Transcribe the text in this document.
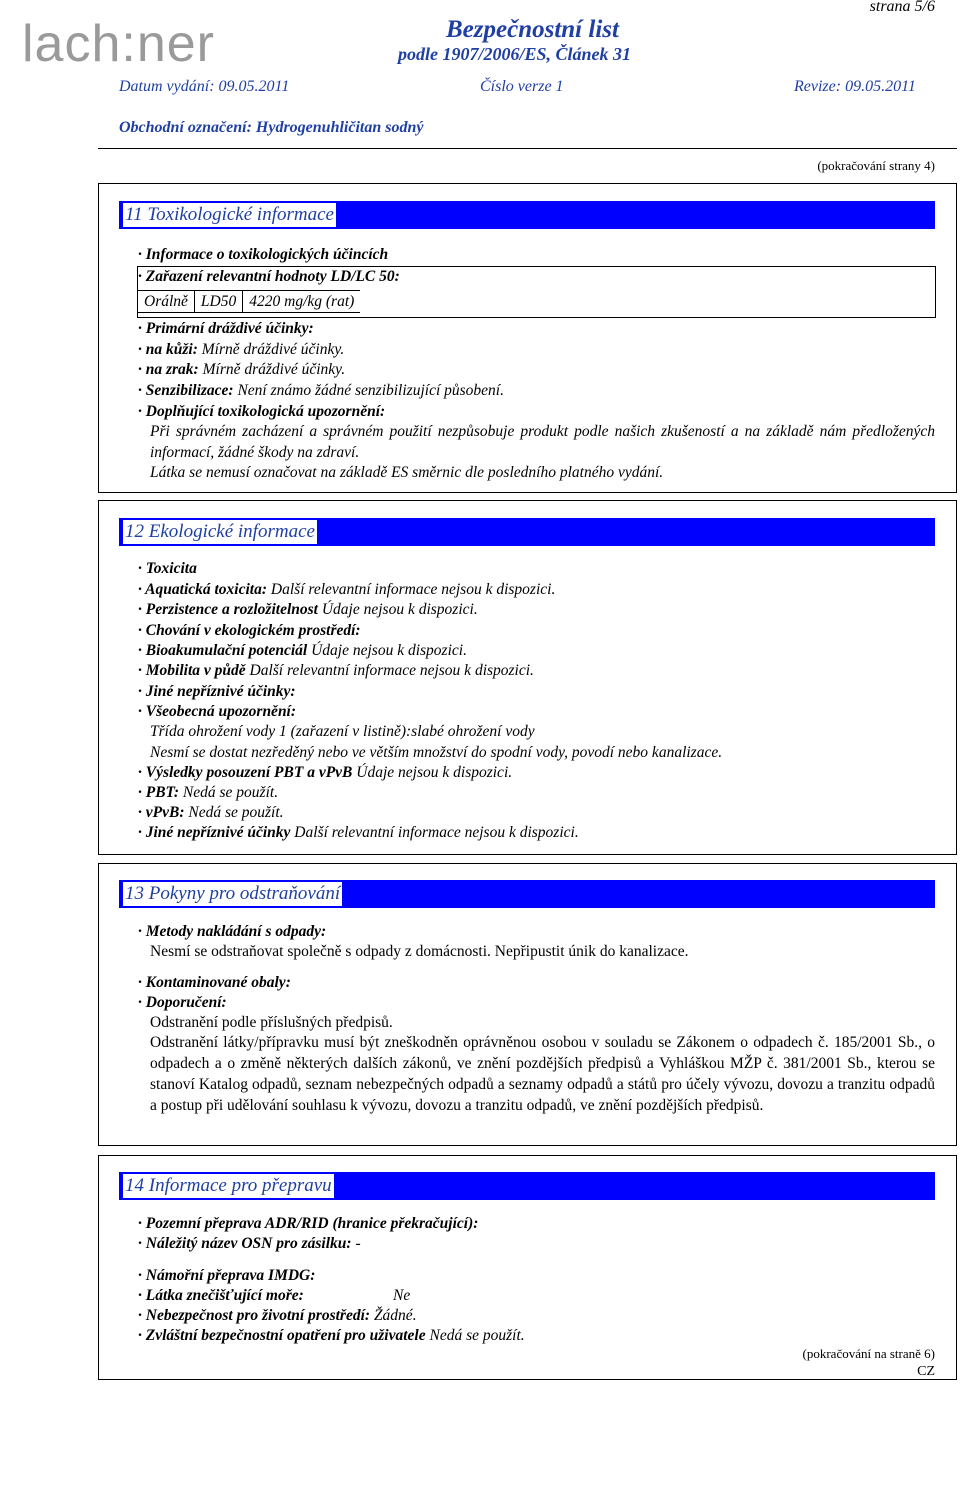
lach:ner
strana 5/6
Bezpečnostní list
podle 1907/2006/ES, Článek 31
Datum vydání: 09.05.2011	Číslo verze 1	Revize: 09.05.2011
Obchodní označení: Hydrogenuhličitan sodný
(pokračování strany 4)
11 Toxikologické informace
· Informace o toxikologických účincích
· Zařazení relevantní hodnoty LD/LC 50:
Orálně	LD50	4220 mg/kg (rat)
· Primární dráždivé účinky:
· na kůži: Mírně dráždivé účinky.
· na zrak: Mírně dráždivé účinky.
· Senzibilizace: Není známo žádné senzibilizující působení.
· Doplňující toxikologická upozornění:
Při správném zacházení a správném použití nezpůsobuje produkt podle našich zkušeností a na základě nám předložených informací, žádné škody na zdraví.
Látka se nemusí označovat na základě ES směrnic dle posledního platného vydání.
12 Ekologické informace
· Toxicita
· Aquatická toxicita: Další relevantní informace nejsou k dispozici.
· Perzistence a rozložitelnost Údaje nejsou k dispozici.
· Chování v ekologickém prostředí:
· Bioakumulační potenciál Údaje nejsou k dispozici.
· Mobilita v půdě Další relevantní informace nejsou k dispozici.
· Jiné nepříznivé účinky:
· Všeobecná upozornění:
Třída ohrožení vody 1 (zařazení v listině):slabé ohrožení vody
Nesmí se dostat nezředěný nebo ve větším množství do spodní vody, povodí nebo kanalizace.
· Výsledky posouzení PBT a vPvB Údaje nejsou k dispozici.
· PBT: Nedá se použít.
· vPvB: Nedá se použít.
· Jiné nepříznivé účinky Další relevantní informace nejsou k dispozici.
13 Pokyny pro odstraňování
· Metody nakládání s odpady:
Nesmí se odstraňovat společně s odpady z domácnosti. Nepřipustit únik do kanalizace.
· Kontaminované obaly:
· Doporučení:
Odstranění podle příslušných předpisů.
Odstranění látky/přípravku musí být zneškodněn oprávněnou osobou v souladu se Zákonem o odpadech č. 185/2001 Sb., o odpadech a o změně některých dalších zákonů, ve znění pozdějších předpisů a Vyhláškou MŽP č. 381/2001 Sb., kterou se stanoví Katalog odpadů, seznam nebezpečných odpadů a seznamy odpadů a států pro účely vývozu, dovozu a tranzitu odpadů a postup při udělování souhlasu k vývozu, dovozu a tranzitu odpadů, ve znění pozdějších předpisů.
14 Informace pro přepravu
· Pozemní přeprava ADR/RID (hranice překračující):
· Náležitý název OSN pro zásilku: -
· Námořní přeprava IMDG:
· Látka znečišťující moře:	Ne
· Nebezpečnost pro životní prostředí: Žádné.
· Zvláštní bezpečnostní opatření pro uživatele Nedá se použít.
(pokračování na straně 6)
CZ
